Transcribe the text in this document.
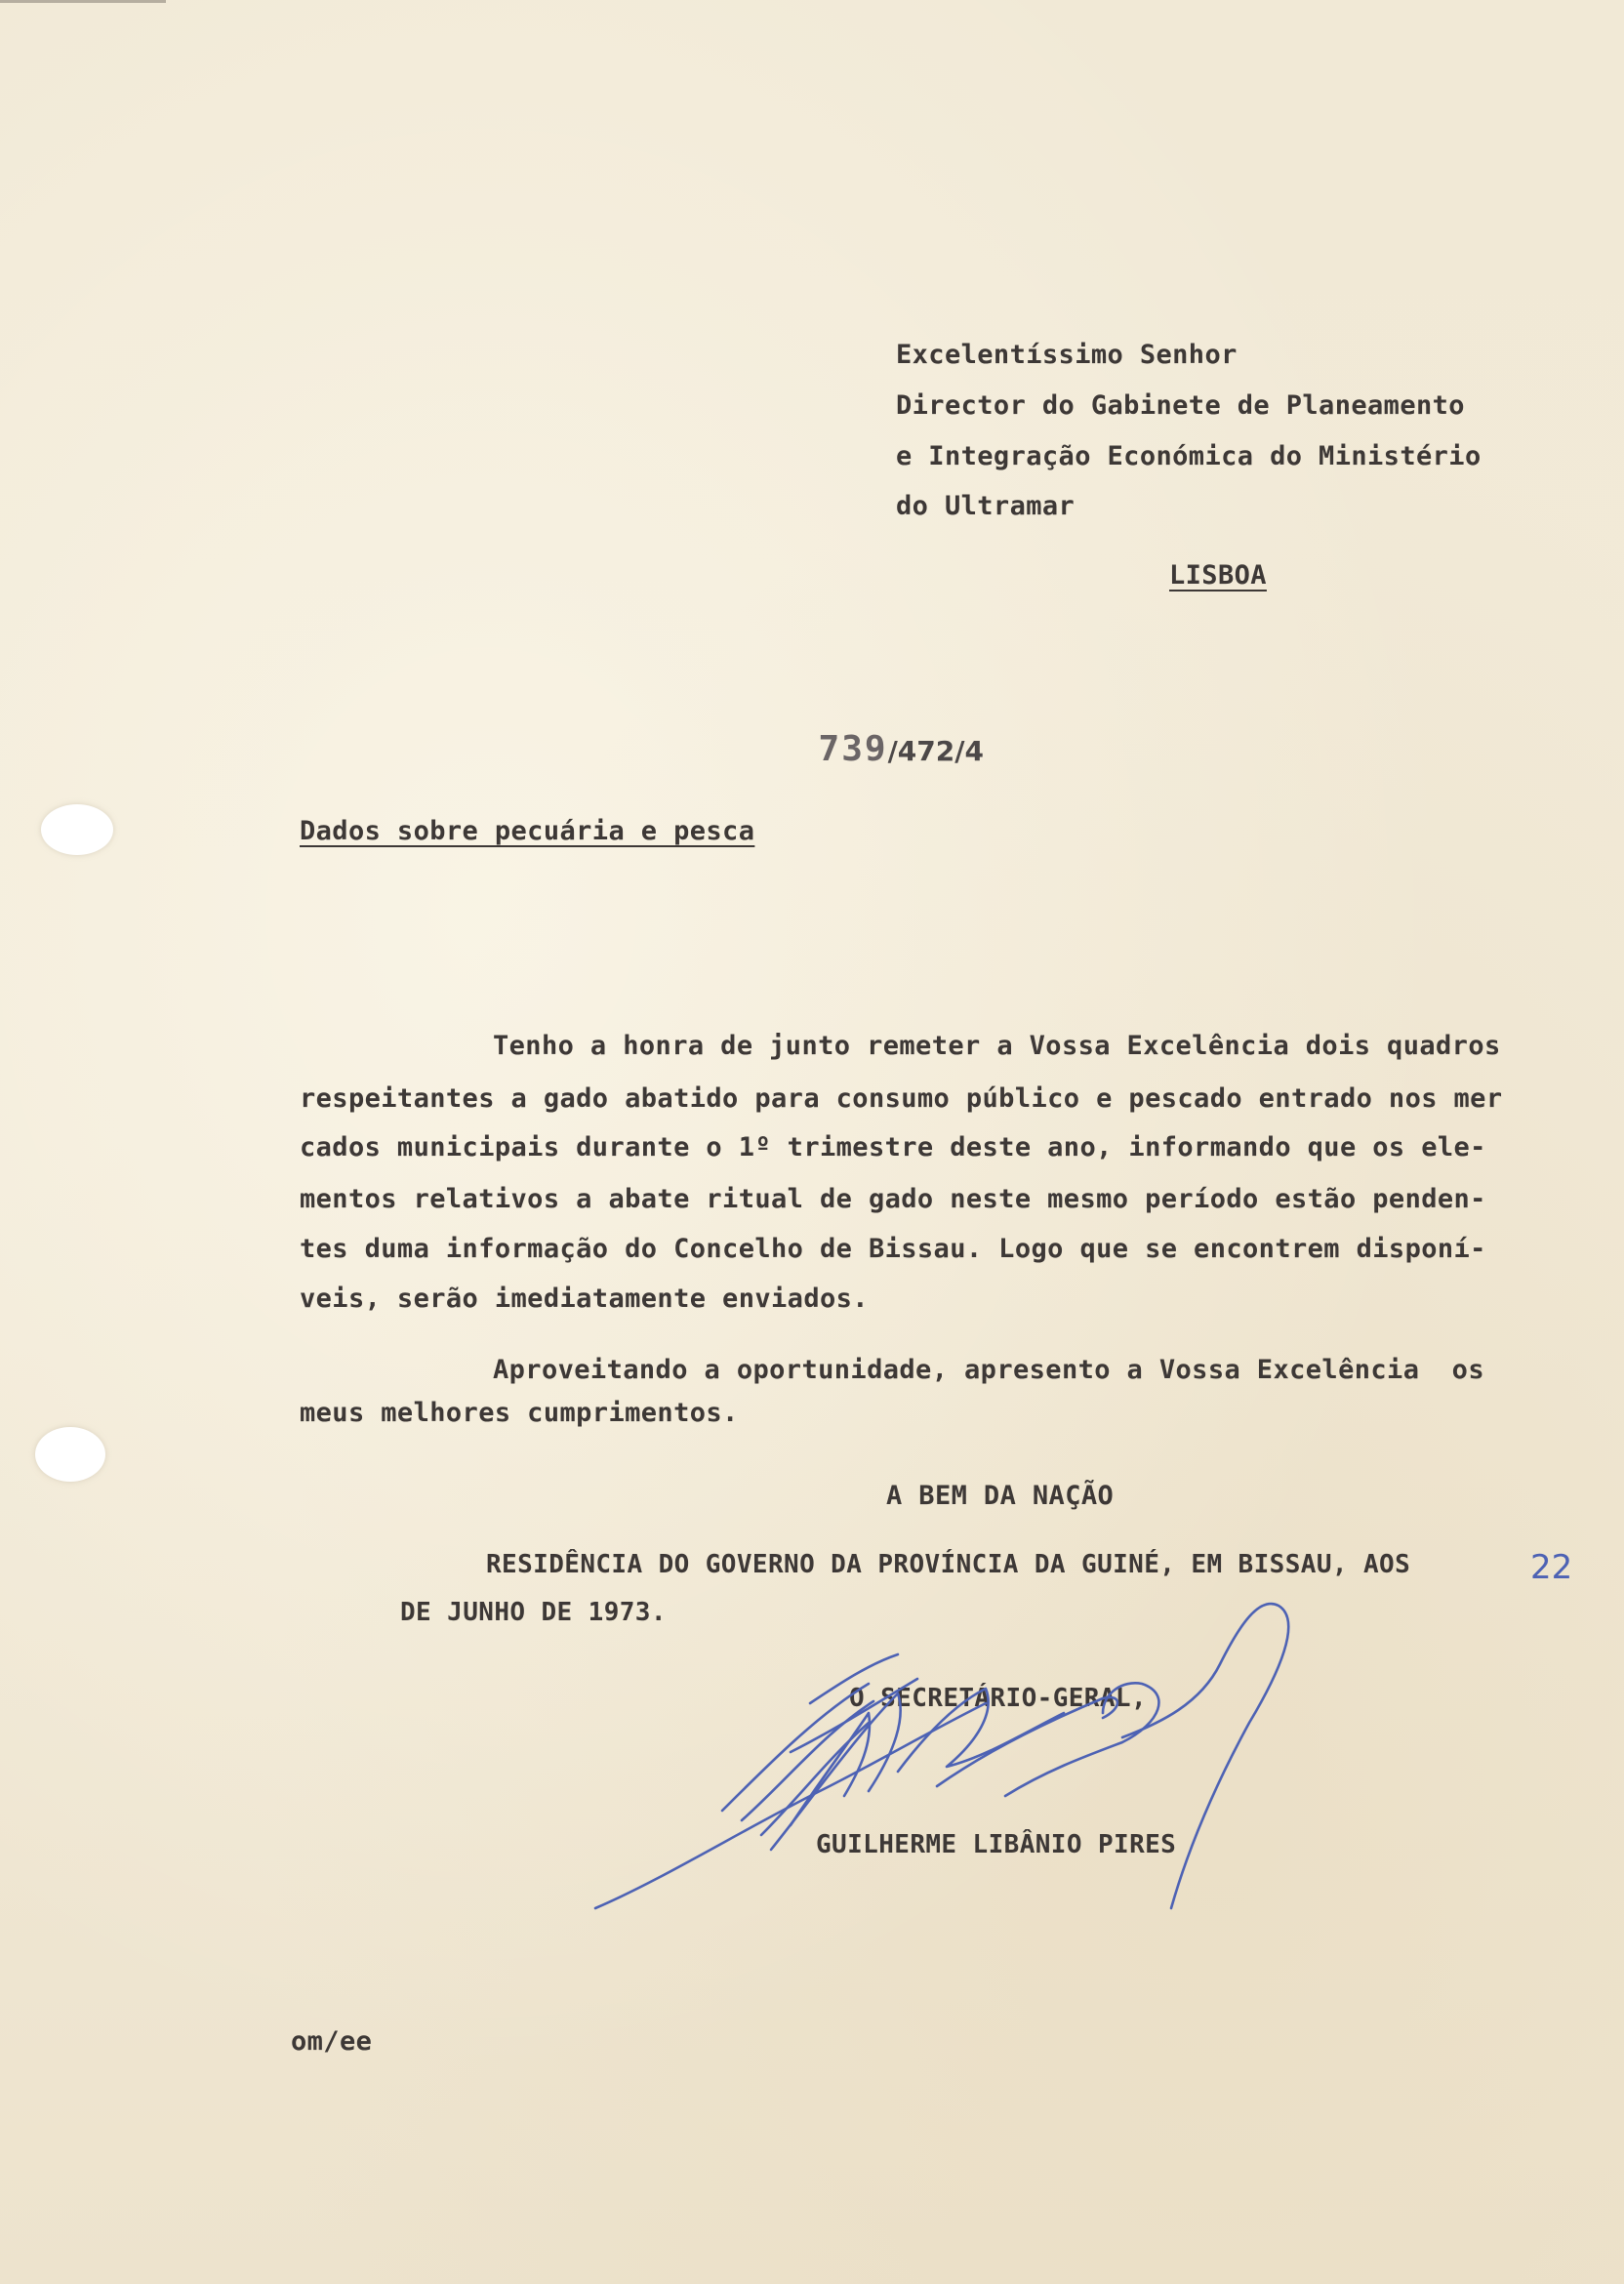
Excelentíssimo Senhor
Director do Gabinete de Planeamento
e Integração Económica do Ministério
do Ultramar
LISBOA

739/472/4

Dados sobre pecuária e pesca
Tenho a honra de junto remeter a Vossa Excelência dois quadros
respeitantes a gado abatido para consumo público e pescado entrado nos mer
cados municipais durante o 1º trimestre deste ano, informando que os ele-
mentos relativos a abate ritual de gado neste mesmo período estão penden-
tes duma informação do Concelho de Bissau. Logo que se encontrem disponí-
veis, serão imediatamente enviados.
Aproveitando a oportunidade, apresento a Vossa Excelência  os
meus melhores cumprimentos.
A BEM DA NAÇÃO
RESIDÊNCIA DO GOVERNO DA PROVÍNCIA DA GUINÉ, EM BISSAU, AOS	22
DE JUNHO DE 1973.
O SECRETÁRIO-GERAL,
GUILHERME LIBÂNIO PIRES
om/ee
